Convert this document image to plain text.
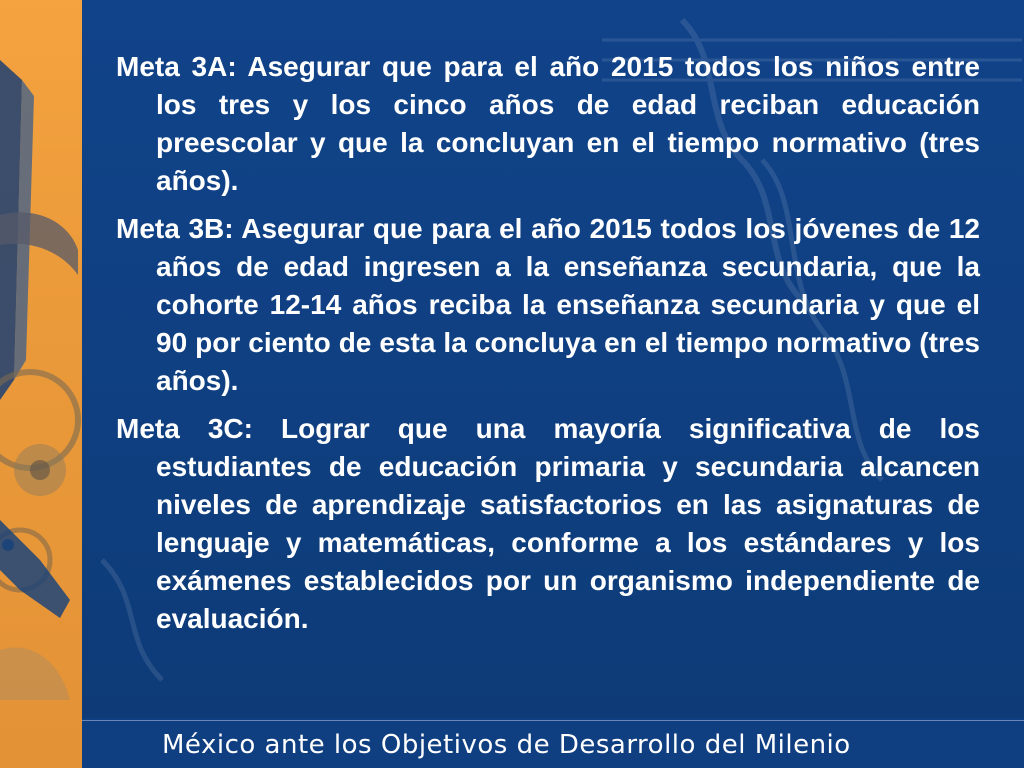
Meta 3A: Asegurar que para el año 2015 todos los niños entre los tres y los cinco años de edad reciban educación preescolar y que la concluyan en el tiempo normativo (tres años).

Meta 3B: Asegurar que para el año 2015 todos los jóvenes de 12 años de edad ingresen a la enseñanza secundaria, que la cohorte 12-14 años reciba la enseñanza secundaria y que el 90 por ciento de esta la concluya en el tiempo normativo (tres años).

Meta 3C: Lograr que una mayoría significativa de los estudiantes de educación primaria y secundaria alcancen niveles de aprendizaje satisfactorios en las asignaturas de lenguaje y matemáticas, conforme a los estándares y los exámenes establecidos por un organismo independiente de evaluación.

México ante los Objetivos de Desarrollo del Milenio
